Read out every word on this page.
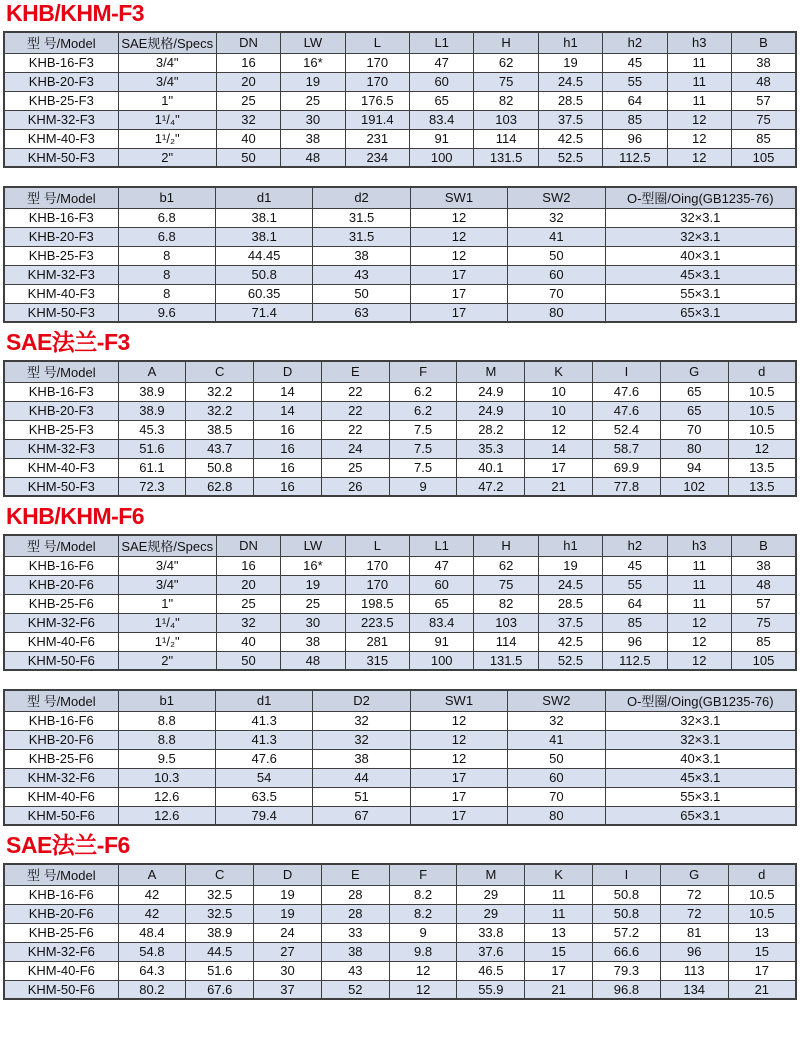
KHB/KHM-F3
型 号/Model	SAE规格/Specs	DN	LW	L	L1	H	h1	h2	h3	B
KHB-16-F3	3/4"	16	16*	170	47	62	19	45	11	38
KHB-20-F3	3/4"	20	19	170	60	75	24.5	55	11	48
KHB-25-F3	1"	25	25	176.5	65	82	28.5	64	11	57
KHM-32-F3	1¹/₄"	32	30	191.4	83.4	103	37.5	85	12	75
KHM-40-F3	1¹/₂"	40	38	231	91	114	42.5	96	12	85
KHM-50-F3	2"	50	48	234	100	131.5	52.5	112.5	12	105
型 号/Model	b1	d1	d2	SW1	SW2	O-型圈/Oing(GB1235-76)
KHB-16-F3	6.8	38.1	31.5	12	32	32×3.1
KHB-20-F3	6.8	38.1	31.5	12	41	32×3.1
KHB-25-F3	8	44.45	38	12	50	40×3.1
KHM-32-F3	8	50.8	43	17	60	45×3.1
KHM-40-F3	8	60.35	50	17	70	55×3.1
KHM-50-F3	9.6	71.4	63	17	80	65×3.1
SAE法兰-F3
型 号/Model	A	C	D	E	F	M	K	I	G	d
KHB-16-F3	38.9	32.2	14	22	6.2	24.9	10	47.6	65	10.5
KHB-20-F3	38.9	32.2	14	22	6.2	24.9	10	47.6	65	10.5
KHB-25-F3	45.3	38.5	16	22	7.5	28.2	12	52.4	70	10.5
KHM-32-F3	51.6	43.7	16	24	7.5	35.3	14	58.7	80	12
KHM-40-F3	61.1	50.8	16	25	7.5	40.1	17	69.9	94	13.5
KHM-50-F3	72.3	62.8	16	26	9	47.2	21	77.8	102	13.5
KHB/KHM-F6
型 号/Model	SAE规格/Specs	DN	LW	L	L1	H	h1	h2	h3	B
KHB-16-F6	3/4"	16	16*	170	47	62	19	45	11	38
KHB-20-F6	3/4"	20	19	170	60	75	24.5	55	11	48
KHB-25-F6	1"	25	25	198.5	65	82	28.5	64	11	57
KHM-32-F6	1¹/₄"	32	30	223.5	83.4	103	37.5	85	12	75
KHM-40-F6	1¹/₂"	40	38	281	91	114	42.5	96	12	85
KHM-50-F6	2"	50	48	315	100	131.5	52.5	112.5	12	105
型 号/Model	b1	d1	D2	SW1	SW2	O-型圈/Oing(GB1235-76)
KHB-16-F6	8.8	41.3	32	12	32	32×3.1
KHB-20-F6	8.8	41.3	32	12	41	32×3.1
KHB-25-F6	9.5	47.6	38	12	50	40×3.1
KHM-32-F6	10.3	54	44	17	60	45×3.1
KHM-40-F6	12.6	63.5	51	17	70	55×3.1
KHM-50-F6	12.6	79.4	67	17	80	65×3.1
SAE法兰-F6
型 号/Model	A	C	D	E	F	M	K	I	G	d
KHB-16-F6	42	32.5	19	28	8.2	29	11	50.8	72	10.5
KHB-20-F6	42	32.5	19	28	8.2	29	11	50.8	72	10.5
KHB-25-F6	48.4	38.9	24	33	9	33.8	13	57.2	81	13
KHM-32-F6	54.8	44.5	27	38	9.8	37.6	15	66.6	96	15
KHM-40-F6	64.3	51.6	30	43	12	46.5	17	79.3	113	17
KHM-50-F6	80.2	67.6	37	52	12	55.9	21	96.8	134	21
